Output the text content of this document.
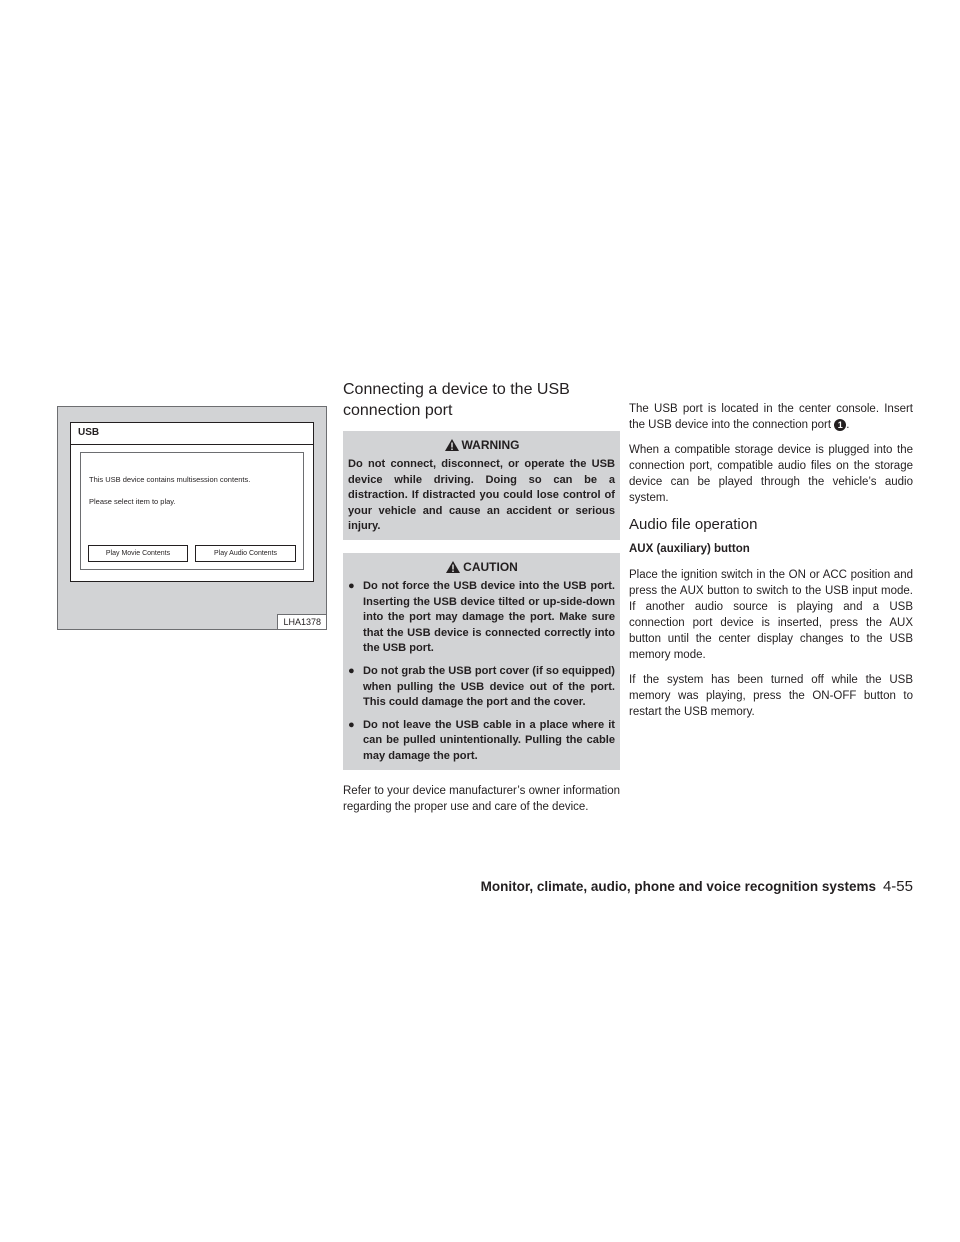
USB
This USB device contains multisession contents.
Please select item to play.
Play Movie Contents	Play Audio Contents
LHA1378
Connecting a device to the USB
connection port
WARNING
Do not connect, disconnect, or operate the USB device while driving. Doing so can be a distraction. If distracted you could lose control of your vehicle and cause an accident or serious injury.
CAUTION
● Do not force the USB device into the USB port. Inserting the USB device tilted or up-side-down into the port may damage the port. Make sure that the USB device is connected correctly into the USB port.
● Do not grab the USB port cover (if so equipped) when pulling the USB device out of the port. This could damage the port and the cover.
● Do not leave the USB cable in a place where it can be pulled unintentionally. Pulling the cable may damage the port.

Refer to your device manufacturer’s owner information regarding the proper use and care of the device.

The USB port is located in the center console. Insert the USB device into the connection port 1 .

When a compatible storage device is plugged into the connection port, compatible audio files on the storage device can be played through the vehicle’s audio system.

Audio file operation
AUX (auxiliary) button

Place the ignition switch in the ON or ACC position and press the AUX button to switch to the USB input mode. If another audio source is playing and a USB connection port device is inserted, press the AUX button until the center display changes to the USB memory mode.

If the system has been turned off while the USB memory was playing, press the ON-OFF button to restart the USB memory.

Monitor, climate, audio, phone and voice recognition systems 4-55
